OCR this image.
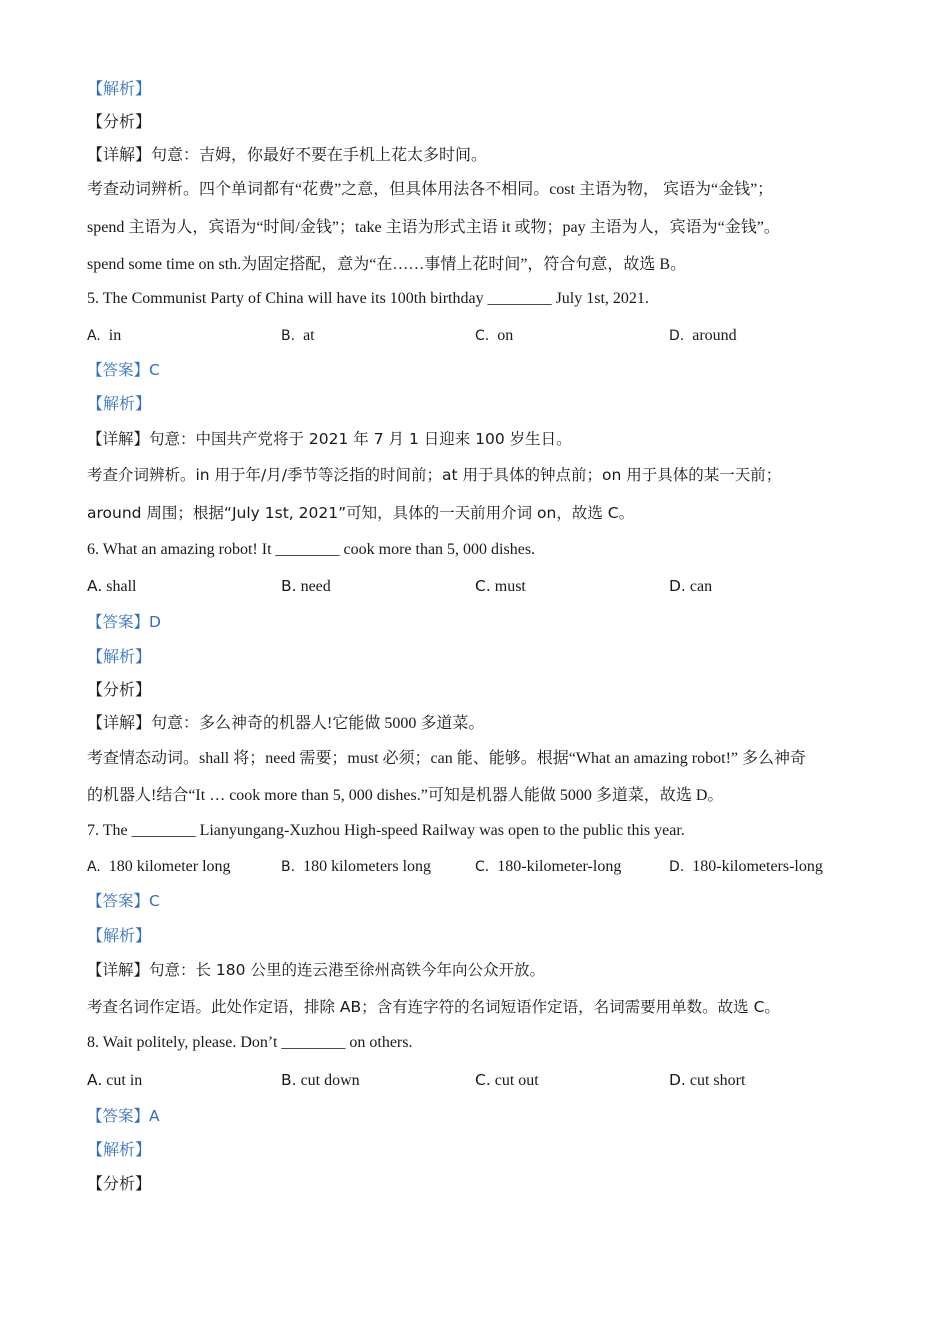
【解析】
【分析】
【详解】句意：吉姆，你最好不要在手机上花太多时间。
考查动词辨析。四个单词都有“花费”之意，但具体用法各不相同。cost 主语为物， 宾语为“金钱”；
spend 主语为人，宾语为“时间/金钱”；take 主语为形式主语 it 或物；pay 主语为人，宾语为“金钱”。
spend some time on sth.为固定搭配，意为“在……事情上花时间”，符合句意，故选 B。
5. The Communist Party of China will have its 100th birthday ________ July 1st, 2021.
A. in	B. at	C. on	D. around
【答案】C
【解析】
【详解】句意：中国共产党将于 2021 年 7 月 1 日迎来 100 岁生日。
考查介词辨析。in 用于年/月/季节等泛指的时间前；at 用于具体的钟点前；on 用于具体的某一天前；
around 周围；根据“July 1st, 2021”可知，具体的一天前用介词 on，故选 C。
6. What an amazing robot! It ________ cook more than 5, 000 dishes.
A. shall	B. need	C. must	D. can
【答案】D
【解析】
【分析】
【详解】句意：多么神奇的机器人!它能做 5000 多道菜。
考查情态动词。shall 将；need 需要；must 必须；can 能、能够。根据“What an amazing robot!” 多么神奇
的机器人!结合“It … cook more than 5, 000 dishes.”可知是机器人能做 5000 多道菜，故选 D。
7. The ________ Lianyungang-Xuzhou High-speed Railway was open to the public this year.
A. 180 kilometer long	B. 180 kilometers long	C. 180-kilometer-long	D. 180-kilometers-long
【答案】C
【解析】
【详解】句意：长 180 公里的连云港至徐州高铁今年向公众开放。
考查名词作定语。此处作定语，排除 AB；含有连字符的名词短语作定语，名词需要用单数。故选 C。
8. Wait politely, please. Don’t ________ on others.
A. cut in	B. cut down	C. cut out	D. cut short
【答案】A
【解析】
【分析】
